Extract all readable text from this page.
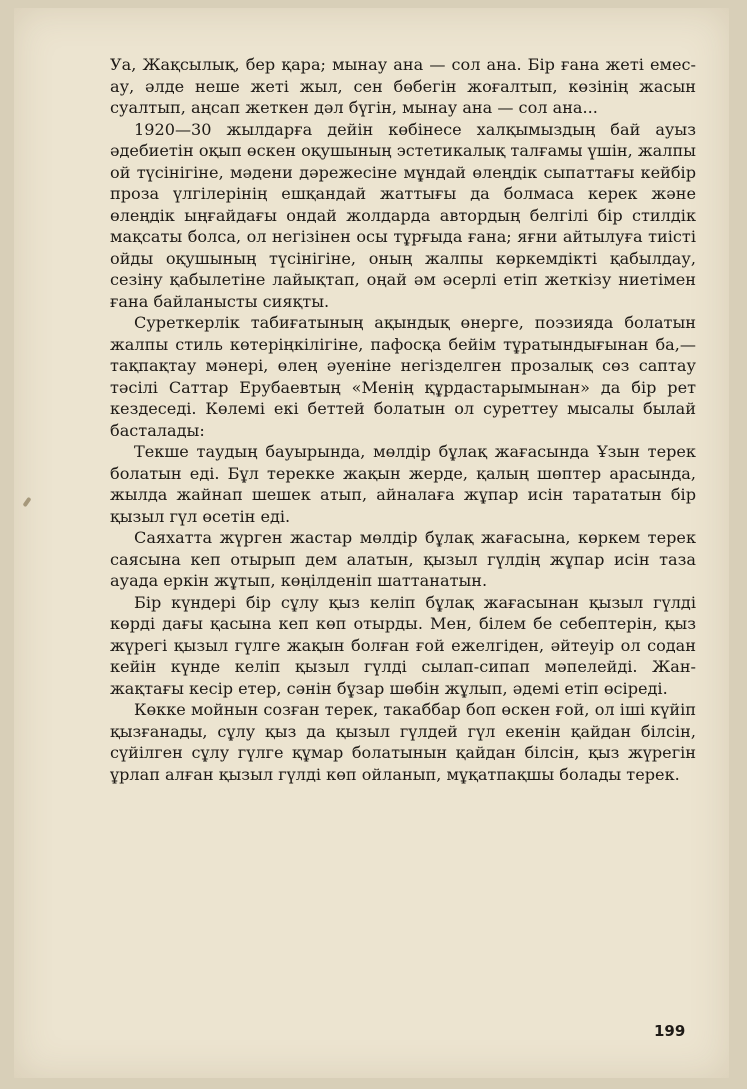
Уа, Жақсылық, бер қара; мынау ана — сол ана. Бір ғана жеті емес-ау, әлде неше жеті жыл, сен бөбегін жоғалтып, көзінің жасын суалтып, аңсап жеткен дәл бүгін, мынау ана — сол ана...

1920—30 жылдарға дейін көбінесе халқымыздың бай ауыз әдебиетін оқып өскен оқушының эстетикалық талғамы үшін, жалпы ой түсінігіне, мәдени дәрежесіне мұндай өлеңдік сыпаттағы кейбір проза үлгілерінің ешқандай жаттығы да болмаса керек және өлеңдік ыңғайдағы ондай жолдарда автордың белгілі бір стилдік мақсаты болса, ол негізінен осы тұрғыда ғана; яғни айтылуға тиісті ойды оқушының түсінігіне, оның жалпы көркемдікті қабылдау, сезіну қабылетіне лайықтап, оңай әм әсерлі етіп жеткізу ниетімен ғана байланысты сияқты.

Суреткерлік табиғатының ақындық өнерге, поэзияда болатын жалпы стиль көтеріңкілігіне, пафосқа бейім тұратындығынан ба,— тақпақтау мәнері, өлең әуеніне негізделген прозалық сөз саптау тәсілі Саттар Ерубаевтың «Менің құрдастарымынан» да бір рет кездеседі. Көлемі екі беттей болатын ол суреттеу мысалы былай басталады:

Текше таудың бауырында, мөлдір бұлақ жағасында Ұзын терек болатын еді. Бұл терекке жақын жерде, қалың шөптер арасында, жылда жайнап шешек атып, айналаға жұпар исін тарататын бір қызыл гүл өсетін еді.

Саяхатта жүрген жастар мөлдір бұлақ жағасына, көркем терек саясына кеп отырып дем алатын, қызыл гүлдің жұпар исін таза ауада еркін жұтып, көңілденіп шаттанатын.

Бір күндері бір сұлу қыз келіп бұлақ жағасынан қызыл гүлді көрді дағы қасына кеп көп отырды. Мен, білем бе себептерін, қыз жүрегі қызыл гүлге жақын болған ғой ежелгіден, әйтеуір ол содан кейін күнде келіп қызыл гүлді сылап-сипап мәпелейді. Жан-жақтағы кесір етер, сәнін бұзар шөбін жұлып, әдемі етіп өсіреді.

Көкке мойнын созған терек, такаббар боп өскен ғой, ол іші күйіп қызғанады, сұлу қыз да қызыл гүлдей гүл екенін қайдан білсін, сүйілген сұлу гүлге құмар болатынын қайдан білсін, қыз жүрегін ұрлап алған қызыл гүлді көп ойланып, мұқатпақшы болады терек.

199
